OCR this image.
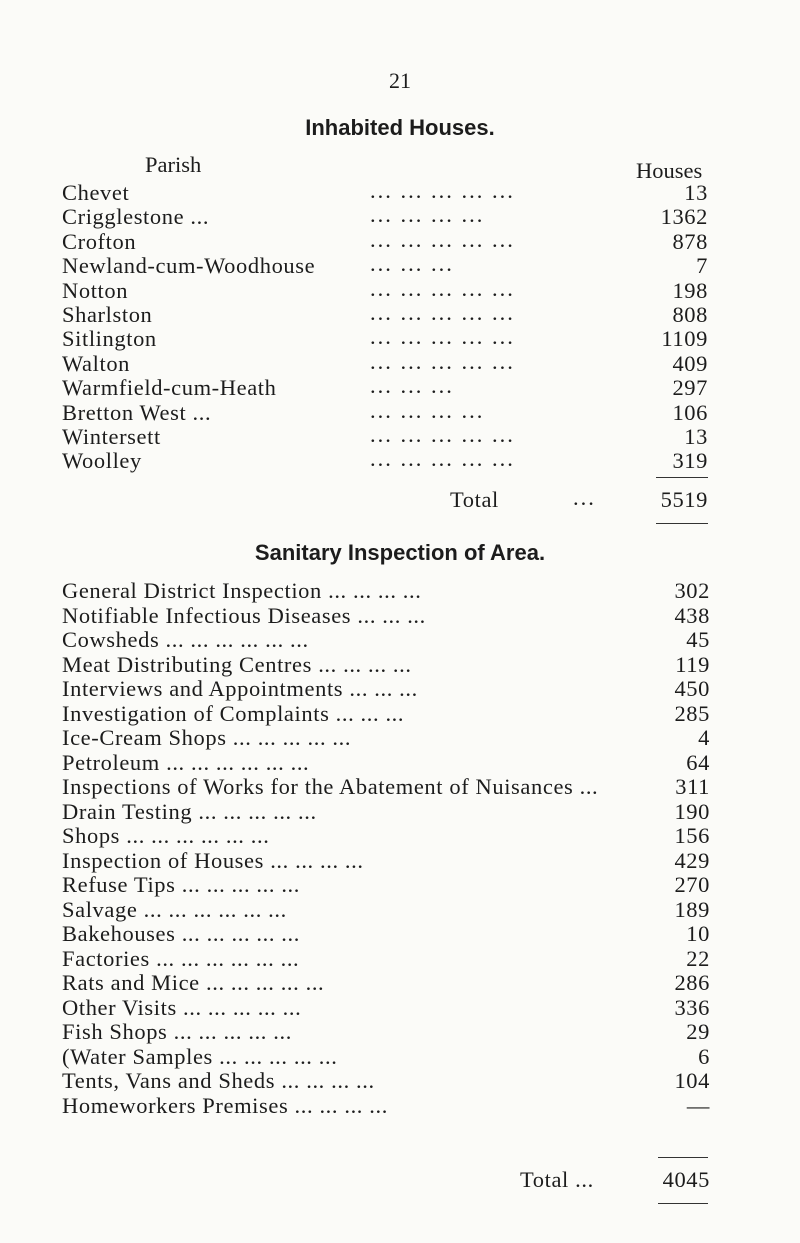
21
Inhabited Houses.
Parish	Houses
Chevet	... ... ... ... ...	13
Crigglestone ...	... ... ... ...	1362
Crofton	... ... ... ... ...	878
Newland-cum-Woodhouse ... ... ...	7
Notton	... ... ... ... ...	198
Sharlston	... ... ... ... ...	808
Sitlington	... ... ... ... ...	1109
Walton	... ... ... ... ...	409
Warmfield-cum-Heath	... ... ...	297
Bretton West ...	... ... ... ...	106
Wintersett	... ... ... ... ...	13
Woolley	... ... ... ... ...	319
Total	...	5519
Sanitary Inspection of Area.
General District Inspection ... ... ... ...	302
Notifiable Infectious Diseases ... ... ...	438
Cowsheds ... ... ... ... ... ...	45
Meat Distributing Centres ... ... ... ...	119
Interviews and Appointments ... ... ...	450
Investigation of Complaints ... ... ...	285
Ice-Cream Shops ... ... ... ... ...	4
Petroleum ... ... ... ... ... ...	64
Inspections of Works for the Abatement of Nuisances ...	311
Drain Testing ... ... ... ... ...	190
Shops ... ... ... ... ... ...	156
Inspection of Houses ... ... ... ...	429
Refuse Tips ... ... ... ... ...	270
Salvage ... ... ... ... ... ...	189
Bakehouses ... ... ... ... ...	10
Factories ... ... ... ... ... ...	22
Rats and Mice ... ... ... ... ...	286
Other Visits ... ... ... ... ...	336
Fish Shops ... ... ... ... ...	29
(Water Samples ... ... ... ... ...	6
Tents, Vans and Sheds ... ... ... ...	104
Homeworkers Premises ... ... ... ...	—
Total ...	4045
